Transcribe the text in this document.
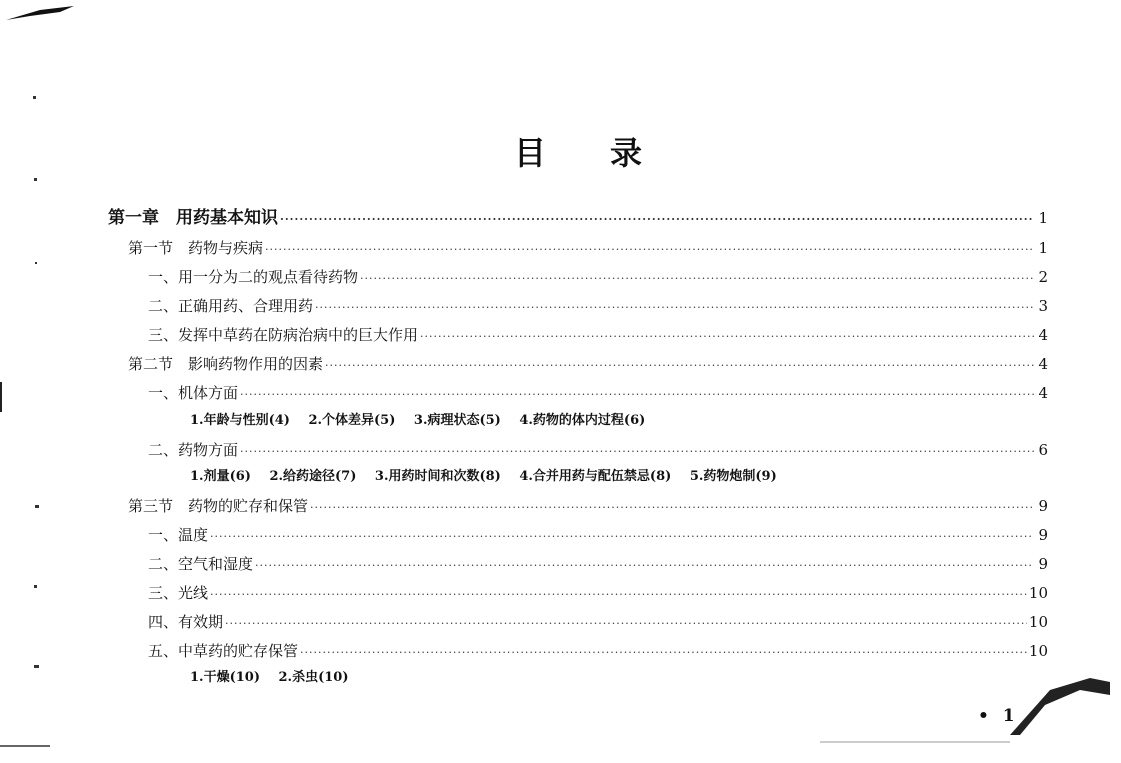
目 录
第一章　用药基本知识 ·····	1
第一节　药物与疾病 ·····	1
一、用一分为二的观点看待药物 ·····	2
二、正确用药、合理用药 ·····	3
三、发挥中草药在防病治病中的巨大作用 ·····	4
第二节　影响药物作用的因素 ·····	4
一、机体方面 ·····	4
1.年龄与性别(4) 2.个体差异(5) 3.病理状态(5) 4.药物的体内过程(6)
二、药物方面 ·····	6
1.剂量(6) 2.给药途径(7) 3.用药时间和次数(8) 4.合并用药与配伍禁忌(8) 5.药物炮制(9)
第三节　药物的贮存和保管 ·····	9
一、温度 ·····	9
二、空气和湿度 ·····	9
三、光线 ·····	10
四、有效期 ·····	10
五、中草药的贮存保管 ·····	10
1.干燥(10) 2.杀虫(10)
• 1
